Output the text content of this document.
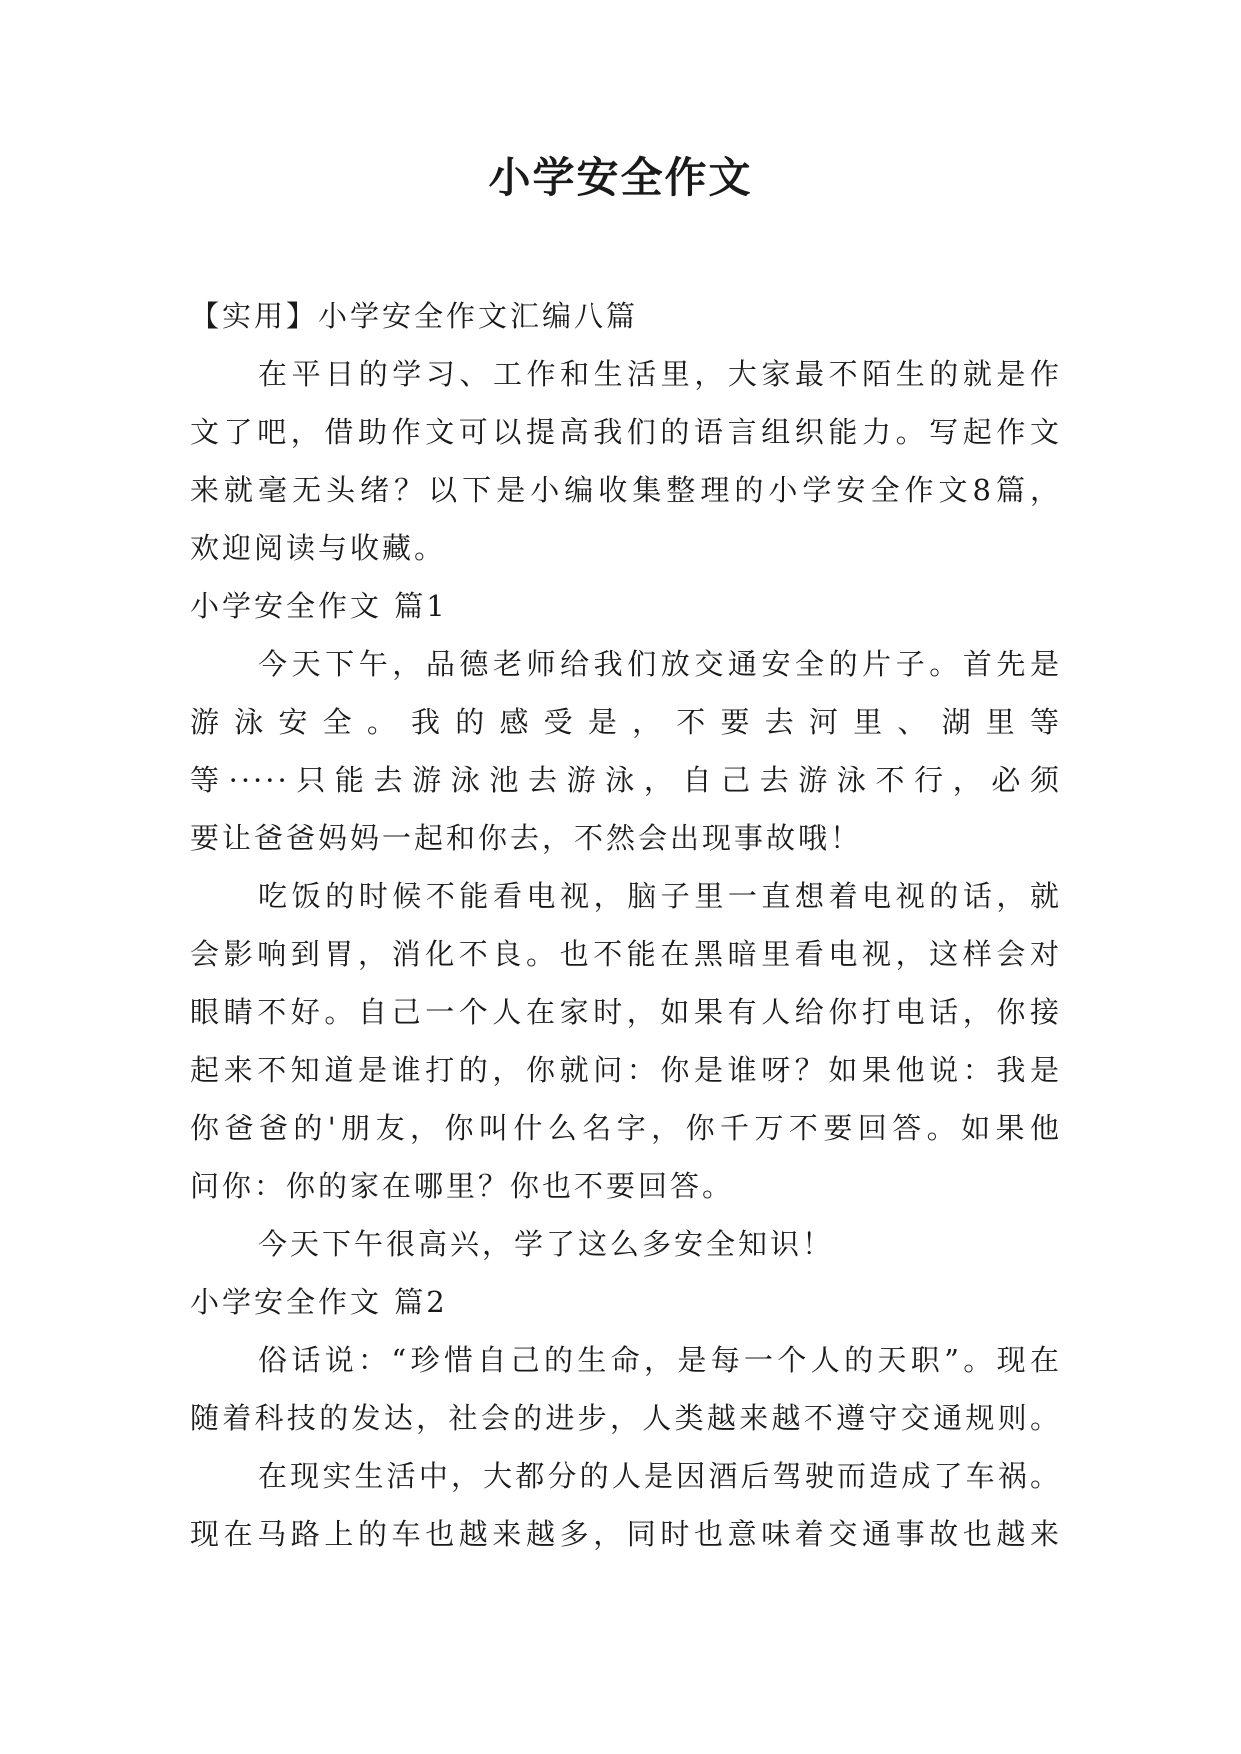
小学安全作文
【实用】小学安全作文汇编八篇
在平日的学习、工作和生活里，大家最不陌生的就是作
文了吧，借助作文可以提高我们的语言组织能力。写起作文
来就毫无头绪？以下是小编收集整理的小学安全作文8篇，
欢迎阅读与收藏。
小学安全作文 篇1
今天下午，品德老师给我们放交通安全的片子。首先是
游泳安全。我的感受是，不要去河里、湖里等
等·····只能去游泳池去游泳，自己去游泳不行，必须
要让爸爸妈妈一起和你去，不然会出现事故哦！
吃饭的时候不能看电视，脑子里一直想着电视的话，就
会影响到胃，消化不良。也不能在黑暗里看电视，这样会对
眼睛不好。自己一个人在家时，如果有人给你打电话，你接
起来不知道是谁打的，你就问：你是谁呀？如果他说：我是
你爸爸的'朋友，你叫什么名字，你千万不要回答。如果他
问你：你的家在哪里？你也不要回答。
今天下午很高兴，学了这么多安全知识！
小学安全作文 篇2
俗话说：“珍惜自己的生命，是每一个人的天职”。现在
随着科技的发达，社会的进步，人类越来越不遵守交通规则。
在现实生活中，大都分的人是因酒后驾驶而造成了车祸。
现在马路上的车也越来越多，同时也意味着交通事故也越来
